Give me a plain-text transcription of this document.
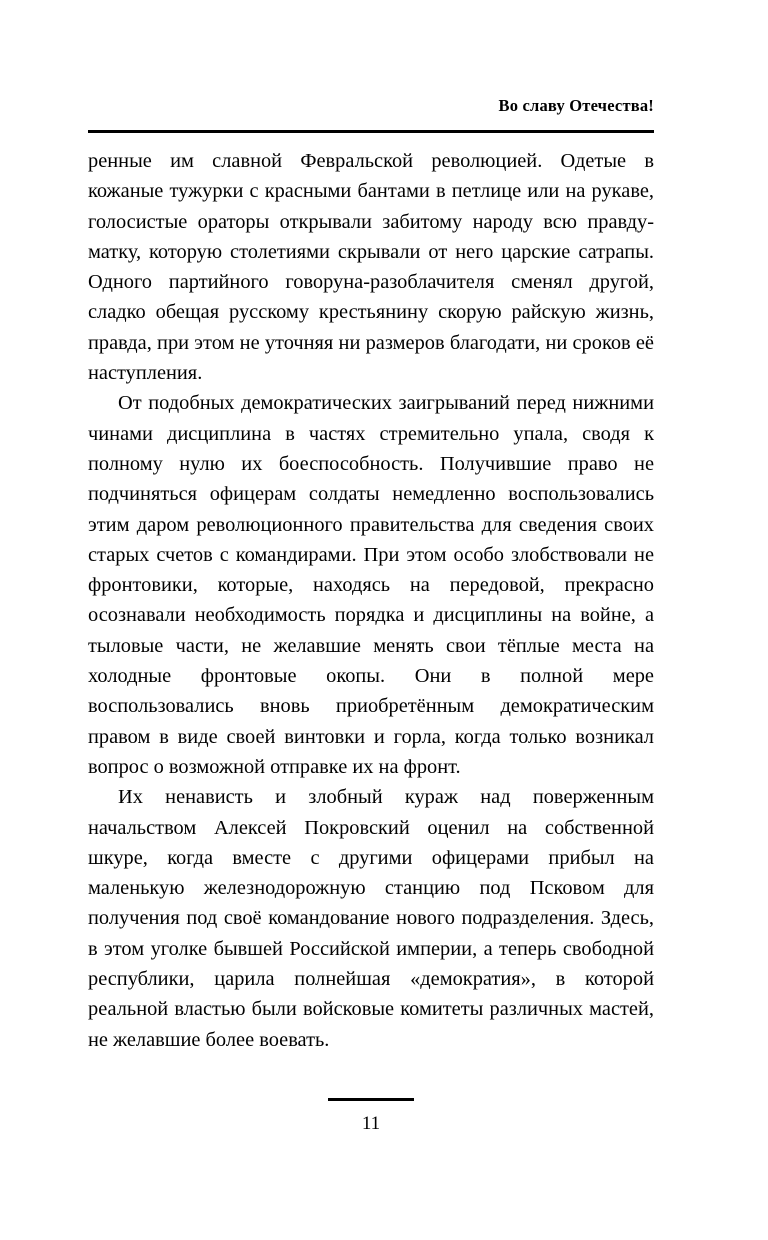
Во славу Отечества!

ренные им славной Февральской революцией. Одетые в кожаные тужурки с красными бантами в петлице или на рукаве, голосистые ораторы открывали забитому народу всю правду-матку, которую столетиями скрывали от него царские сатрапы. Одного партийного говоруна-разоблачителя сменял другой, сладко обещая русскому крестьянину скорую райскую жизнь, правда, при этом не уточняя ни размеров благодати, ни сроков её наступления.

От подобных демократических заигрываний перед нижними чинами дисциплина в частях стремительно упала, сводя к полному нулю их боеспособность. Получившие право не подчиняться офицерам солдаты немедленно воспользовались этим даром революционного правительства для сведения своих старых счетов с командирами. При этом особо злобствовали не фронтовики, которые, находясь на передовой, прекрасно осознавали необходимость порядка и дисциплины на войне, а тыловые части, не желавшие менять свои тёплые места на холодные фронтовые окопы. Они в полной мере воспользовались вновь приобретённым демократическим правом в виде своей винтовки и горла, когда только возникал вопрос о возможной отправке их на фронт.

Их ненависть и злобный кураж над поверженным начальством Алексей Покровский оценил на собственной шкуре, когда вместе с другими офицерами прибыл на маленькую железнодорожную станцию под Псковом для получения под своё командование нового подразделения. Здесь, в этом уголке бывшей Российской империи, а теперь свободной республики, царила полнейшая «демократия», в которой реальной властью были войсковые комитеты различных мастей, не желавшие более воевать.

11
